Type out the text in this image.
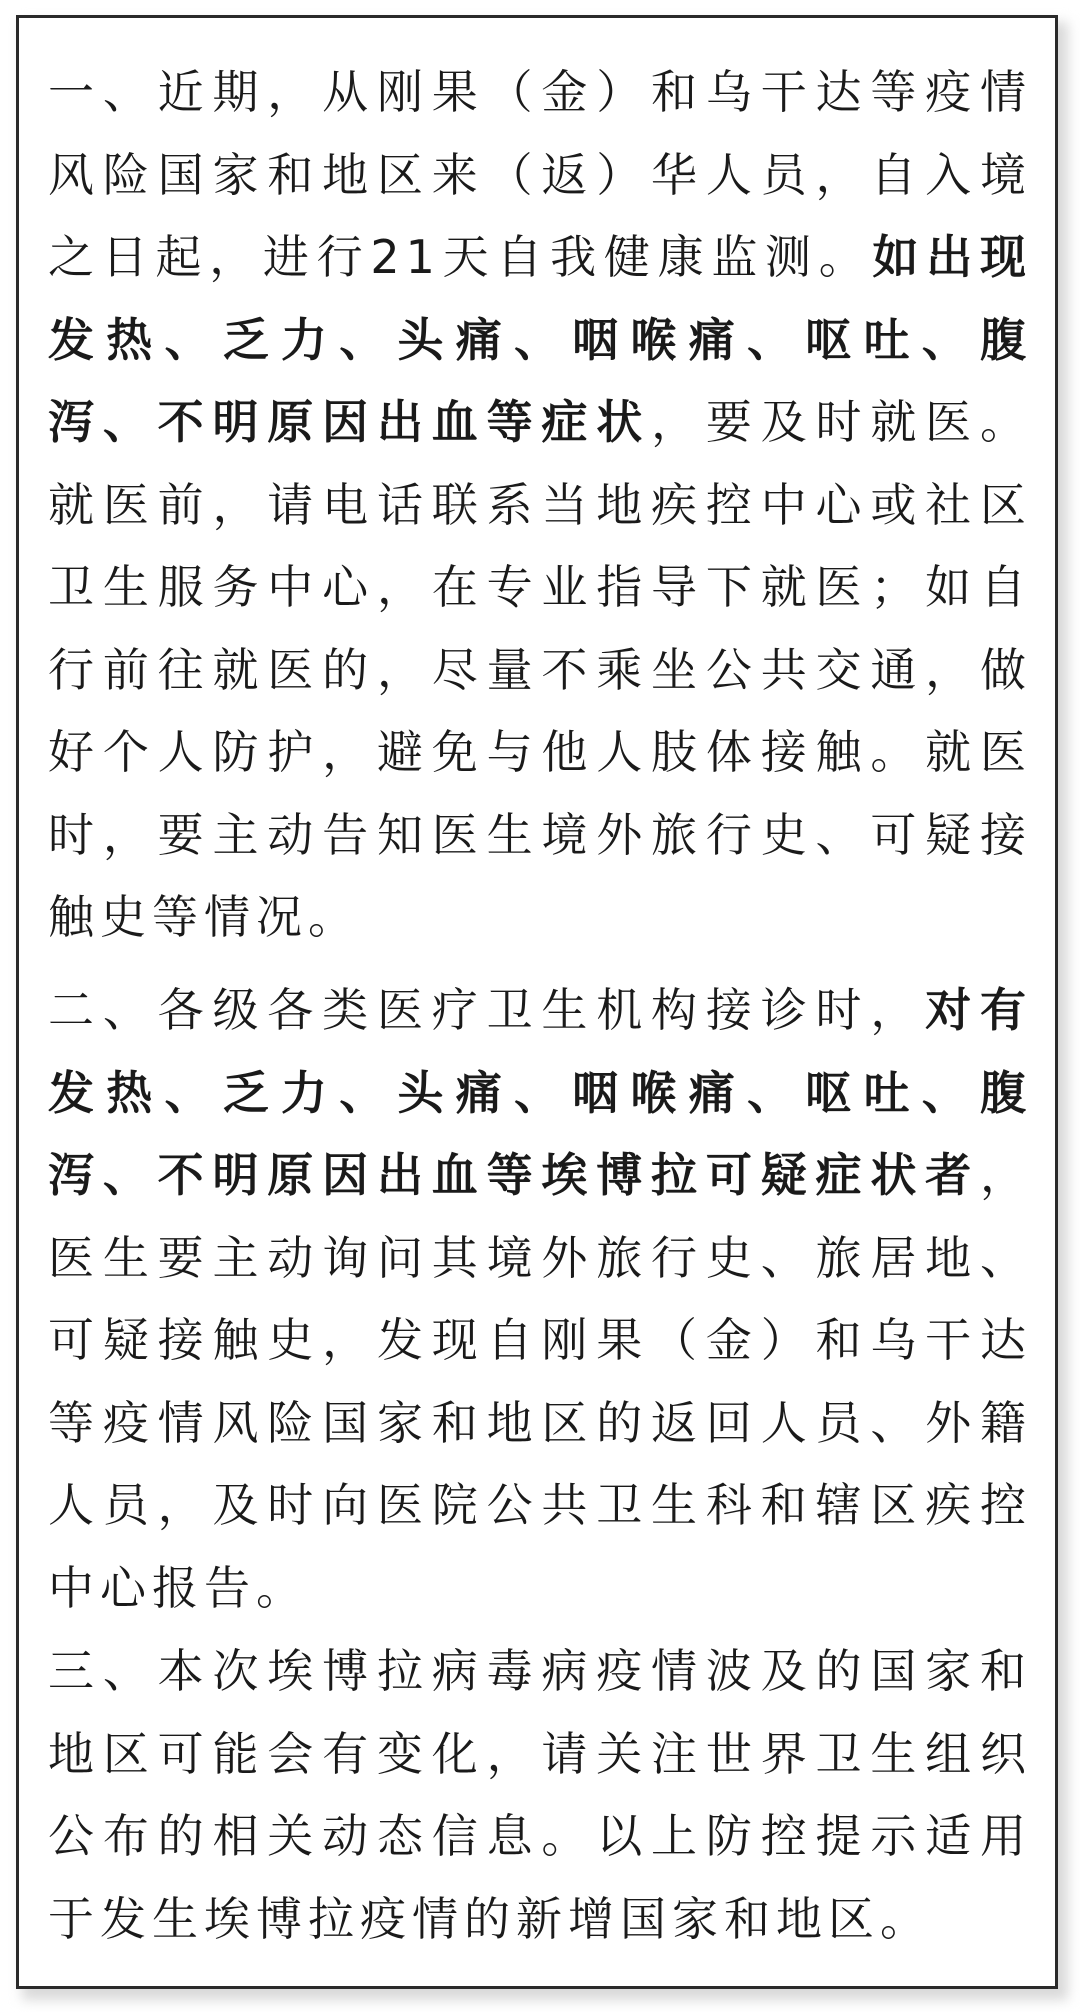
一、近期，从刚果（金）和乌干达等疫情风险国家和地区来（返）华人员，自入境之日起，进行21天自我健康监测。如出现发热、乏力、头痛、咽喉痛、呕吐、腹泻、不明原因出血等症状，要及时就医。就医前，请电话联系当地疾控中心或社区卫生服务中心，在专业指导下就医；如自行前往就医的，尽量不乘坐公共交通，做好个人防护，避免与他人肢体接触。就医时，要主动告知医生境外旅行史、可疑接触史等情况。

二、各级各类医疗卫生机构接诊时，对有发热、乏力、头痛、咽喉痛、呕吐、腹泻、不明原因出血等埃博拉可疑症状者，医生要主动询问其境外旅行史、旅居地、可疑接触史，发现自刚果（金）和乌干达等疫情风险国家和地区的返回人员、外籍人员，及时向医院公共卫生科和辖区疾控中心报告。

三、本次埃博拉病毒病疫情波及的国家和地区可能会有变化，请关注世界卫生组织公布的相关动态信息。以上防控提示适用于发生埃博拉疫情的新增国家和地区。
